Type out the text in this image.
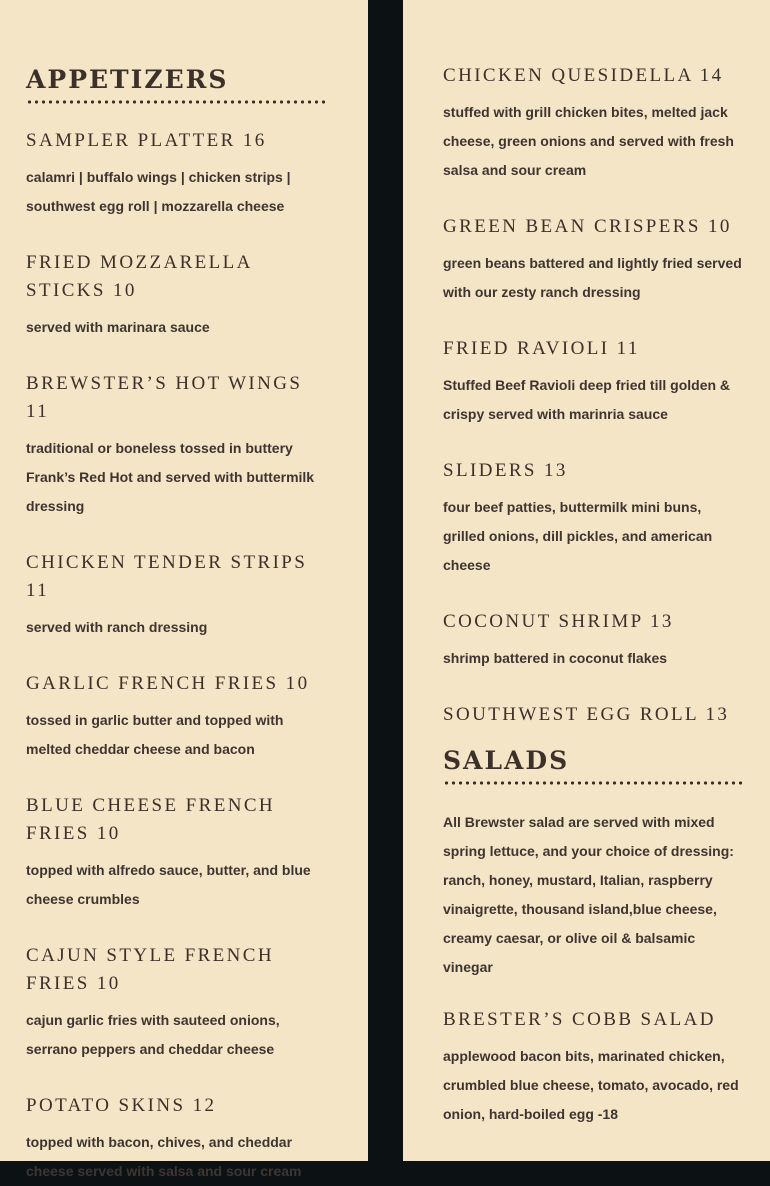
APPETIZERS
SAMPLER PLATTER 16

calamri | buffalo wings | chicken strips | southwest egg roll | mozzarella cheese

FRIED MOZZARELLA STICKS 10

served with marinara sauce

BREWSTER’S HOT WINGS 11

traditional or boneless tossed in buttery Frank’s Red Hot and served with buttermilk dressing

CHICKEN TENDER STRIPS 11

served with ranch dressing

GARLIC FRENCH FRIES 10

tossed in garlic butter and topped with melted cheddar cheese and bacon

BLUE CHEESE FRENCH FRIES 10

topped with alfredo sauce, butter, and blue cheese crumbles

CAJUN STYLE FRENCH FRIES 10

cajun garlic fries with sauteed onions, serrano peppers and cheddar cheese

POTATO SKINS 12

topped with bacon, chives, and cheddar cheese served with salsa and sour cream

CHICKEN QUESIDELLA 14

stuffed with grill chicken bites, melted jack cheese, green onions and served with fresh salsa and sour cream

GREEN BEAN CRISPERS 10

green beans battered and lightly fried served with our zesty ranch dressing

FRIED RAVIOLI 11

Stuffed Beef Ravioli deep fried till golden & crispy served with marinria sauce

SLIDERS 13

four beef patties, buttermilk mini buns, grilled onions, dill pickles, and american cheese

COCONUT SHRIMP 13

shrimp battered in coconut flakes

SOUTHWEST EGG ROLL 13
SALADS

All Brewster salad are served with mixed spring lettuce, and your choice of dressing: ranch, honey, mustard, Italian, raspberry vinaigrette, thousand island,blue cheese, creamy caesar, or olive oil & balsamic vinegar

BRESTER’S COBB SALAD

applewood bacon bits, marinated chicken, crumbled blue cheese, tomato, avocado, red onion, hard-boiled egg -18
